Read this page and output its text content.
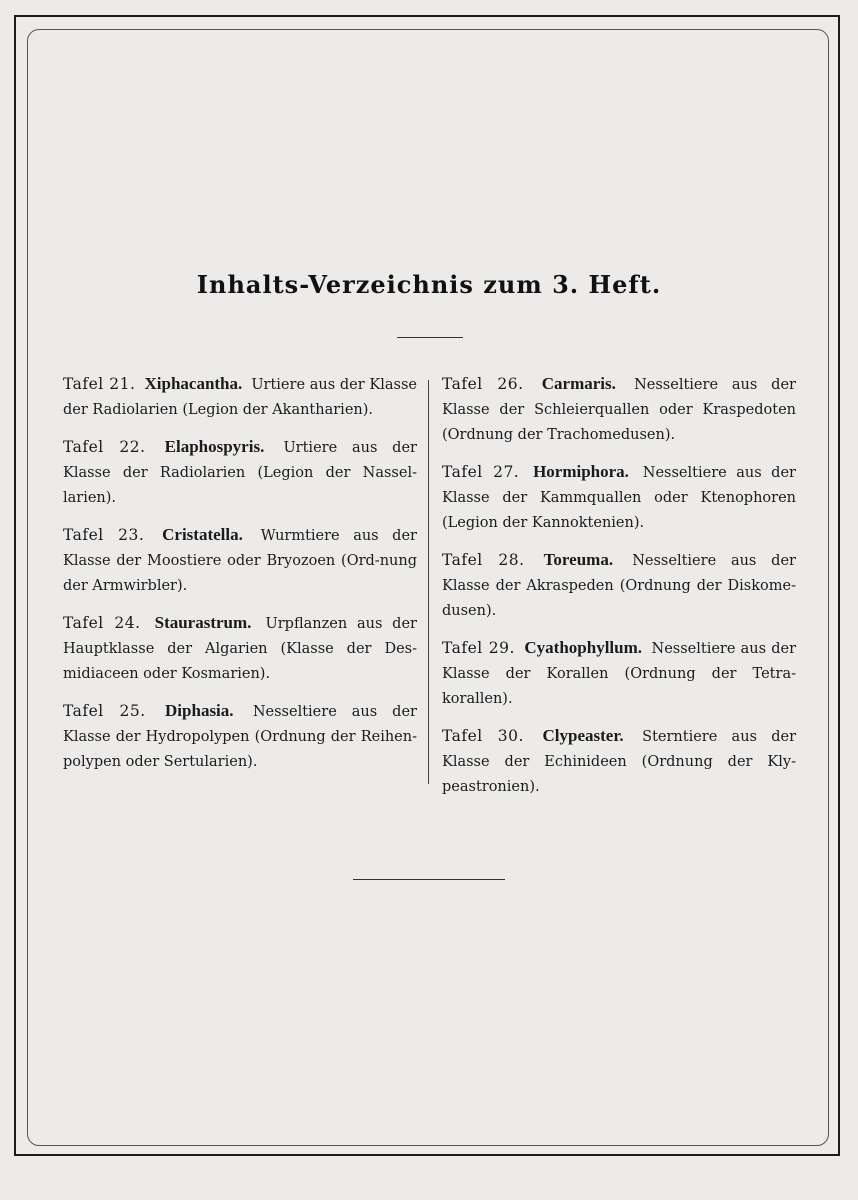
Inhalts-Verzeichnis zum 3. Heft.
Tafel 21. Xiphacantha. Urtiere aus der Klasse der Radiolarien (Legion der Akantharien).
Tafel 22. Elaphospyris. Urtiere aus der Klasse der Radiolarien (Legion der Nassel-larien).
Tafel 23. Cristatella. Wurmtiere aus der Klasse der Moostiere oder Bryozoen (Ord-nung der Armwirbler).
Tafel 24. Staurastrum. Urpflanzen aus der Hauptklasse der Algarien (Klasse der Des-midiaceen oder Kosmarien).
Tafel 25. Diphasia. Nesseltiere aus der Klasse der Hydropolypen (Ordnung der Reihen-polypen oder Sertularien).
Tafel 26. Carmaris. Nesseltiere aus der Klasse der Schleierquallen oder Kraspedoten (Ordnung der Trachomedusen).
Tafel 27. Hormiphora. Nesseltiere aus der Klasse der Kammquallen oder Ktenophoren (Legion der Kannoktenien).
Tafel 28. Toreuma. Nesseltiere aus der Klasse der Akraspeden (Ordnung der Diskome-dusen).
Tafel 29. Cyathophyllum. Nesseltiere aus der Klasse der Korallen (Ordnung der Tetra-korallen).
Tafel 30. Clypeaster. Sterntiere aus der Klasse der Echinideen (Ordnung der Kly-peastronien).
